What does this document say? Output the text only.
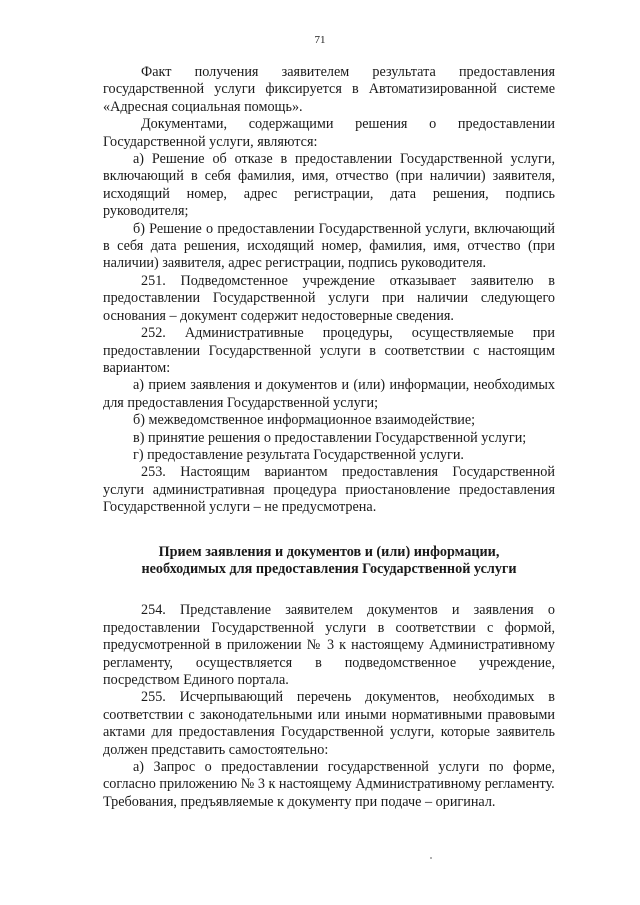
71

Факт получения заявителем результата предоставления государственной услуги фиксируется в Автоматизированной системе «Адресная социальная помощь».

Документами, содержащими решения о предоставлении Государственной услуги, являются:

а) Решение об отказе в предоставлении Государственной услуги, включающий в себя фамилия, имя, отчество (при наличии) заявителя, исходящий номер, адрес регистрации, дата решения, подпись руководителя;

б) Решение о предоставлении Государственной услуги, включающий в себя дата решения, исходящий номер, фамилия, имя, отчество (при наличии) заявителя, адрес регистрации, подпись руководителя.

251. Подведомстенное учреждение отказывает заявителю в предоставлении Государственной услуги при наличии следующего основания – документ содержит недостоверные сведения.

252. Административные процедуры, осуществляемые при предоставлении Государственной услуги в соответствии с настоящим вариантом:

а) прием заявления и документов и (или) информации, необходимых для предоставления Государственной услуги;

б) межведомственное информационное взаимодействие;

в) принятие решения о предоставлении Государственной услуги;

г) предоставление результата Государственной услуги.

253. Настоящим вариантом предоставления Государственной услуги административная процедура приостановление предоставления Государственной услуги – не предусмотрена.

Прием заявления и документов и (или) информации,
необходимых для предоставления Государственной услуги

254. Представление заявителем документов и заявления о предоставлении Государственной услуги в соответствии с формой, предусмотренной в приложении № 3 к настоящему Административному регламенту, осуществляется в подведомственное учреждение, посредством Единого портала.

255. Исчерпывающий перечень документов, необходимых в соответствии с законодательными или иными нормативными правовыми актами для предоставления Государственной услуги, которые заявитель должен представить самостоятельно:

а) Запрос о предоставлении государственной услуги по форме, согласно приложению № 3 к настоящему Административному регламенту.

Требования, предъявляемые к документу при подаче – оригинал.
